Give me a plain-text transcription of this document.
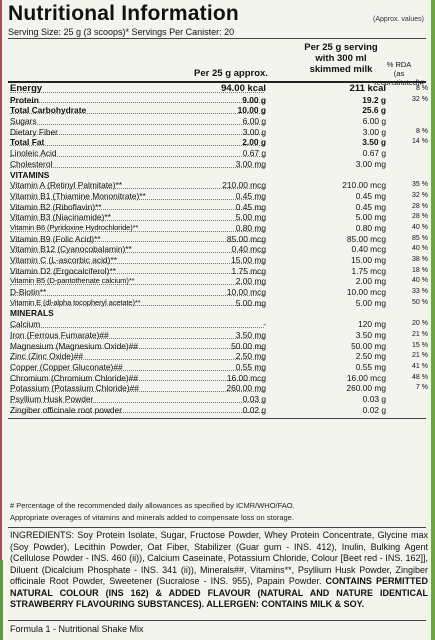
Nutritional Information	(Approx. values)
Serving Size: 25 g (3 scoops)* Servings Per Canister: 20
Per 25 g serving
with 300 ml
skimmed milk
Per 25 g approx.
% RDA
(as reconstituted)#
Energy	94.00 kcal	211 kcal	8 %
Protein	9.00 g	19.2 g	32 %
Total Carbohydrate	10.00 g	25.6 g
Sugars	6.00 g	6.00 g
Dietary Fiber	3.00 g	3.00 g	8 %
Total Fat	2.00 g	3.50 g	14 %
Linoleic Acid	0.67 g	0.67 g
Cholesterol	3.00 mg	3.00 mg
VITAMINS
Vitamin A (Retinyl Palmitate)**	210.00 mcg	210.00 mcg	35 %
Vitamin B1 (Thiamine Mononitrate)**	0.45 mg	0.45 mg	32 %
Vitamin B2 (Riboflavin)**	0.45 mg	0.45 mg	28 %
Vitamin B3 (Niacinamide)**	5.00 mg	5.00 mg	28 %
Vitamin B6 (Pyridoxine Hydrochloride)**	0.80 mg	0.80 mg	40 %
Vitamin B9 (Folic Acid)**	85.00 mcg	85.00 mcg	85 %
Vitamin B12 (Cyanocobalamin)**	0.40 mcg	0.40 mcg	40 %
Vitamin C (L-ascorbic acid)**	15.00 mg	15.00 mg	38 %
Vitamin D2 (Ergocalciferol)**	1.75 mcg	1.75 mcg	18 %
Vitamin B5 (D-pantothenate calcium)**	2.00 mg	2.00 mg	40 %
D-Biotin**	10.00 mcg	10.00 mcg	33 %
Vitamin E (dl-alpha tocopheryl acetate)**	5.00 mg	5.00 mg	50 %
MINERALS
Calcium	-	120 mg	20 %
Iron (Ferrous Fumarate)##	3.50 mg	3.50 mg	21 %
Magnesium (Magnesium Oxide)##	50.00 mg	50.00 mg	15 %
Zinc (Zinc Oxide)##	2.50 mg	2.50 mg	21 %
Copper (Copper Gluconate)##	0.55 mg	0.55 mg	41 %
Chromium (Chromium Chloride)##	16.00 mcg	16.00 mcg	48 %
Potassium (Potassium Chloride)##	260.00 mg	260.00 mg	7 %
Psyllium Husk Powder	0.03 g	0.03 g
Zingiber officinale root powder	0.02 g	0.02 g
# Percentage of the recommended daily allowances as specified by ICMR/WHO/FAO.
Appropriate overages of vitamins and minerals added to compensate loss on storage.
INGREDIENTS: Soy Protein Isolate, Sugar, Fructose Powder, Whey Protein Concentrate, Glycine max (Soy Powder), Lecithin Powder, Oat Fiber, Stabilizer (Guar gum - INS. 412), Inulin, Bulking Agent (Cellulose Powder - INS. 460 (ii)), Calcium Caseinate, Potassium Chloride, Colour [Beet red - INS. 162]], Diluent (Dicalcium Phosphate - INS. 341 (ii)), Minerals##, Vitamins**, Psyllium Husk Powder, Zingiber officinale Root Powder, Sweetener (Sucralose - INS. 955), Papain Powder. CONTAINS PERMITTED NATURAL COLOUR (INS 162) & ADDED FLAVOUR (NATURAL AND NATURE IDENTICAL STRAWBERRY FLAVOURING SUBSTANCES). ALLERGEN: CONTAINS MILK & SOY.
Formula 1 - Nutritional Shake Mix
